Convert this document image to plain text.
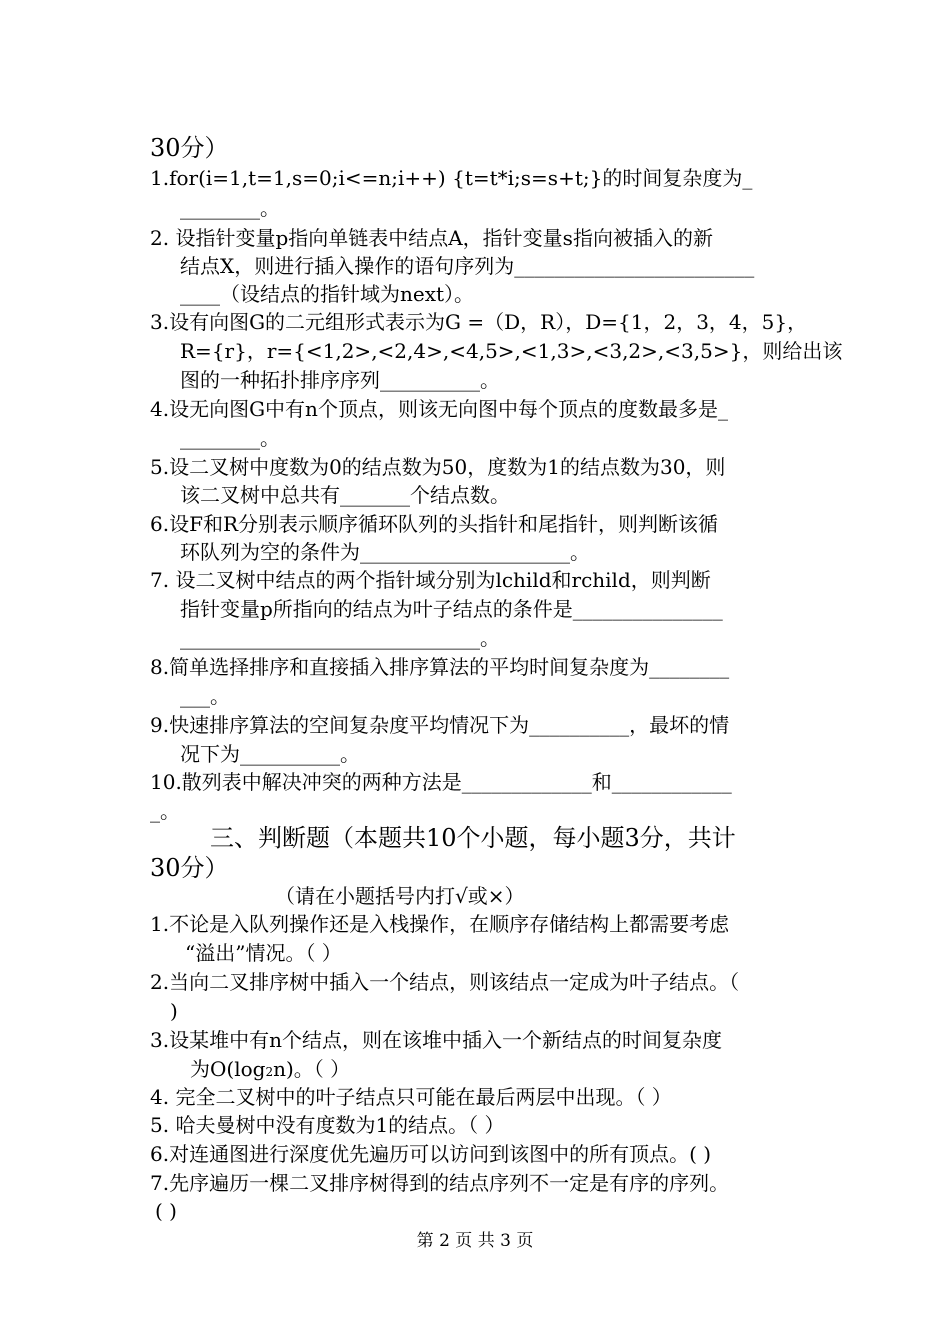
30分）
1.for(i=1,t=1,s=0;i<=n;i++) {t=t*i;s=s+t;}的时间复杂度为_
________。
2. 设指针变量p指向单链表中结点A，指针变量s指向被插入的新
结点X，则进行插入操作的语句序列为________________________
____（设结点的指针域为next）。
3.设有向图G的二元组形式表示为G =（D，R），D={1，2，3，4，5}，
R={r}，r={<1,2>,<2,4>,<4,5>,<1,3>,<3,2>,<3,5>}，则给出该
图的一种拓扑排序序列__________。
4.设无向图G中有n个顶点，则该无向图中每个顶点的度数最多是_
________。
5.设二叉树中度数为0的结点数为50，度数为1的结点数为30，则
该二叉树中总共有_______个结点数。
6.设F和R分别表示顺序循环队列的头指针和尾指针，则判断该循
环队列为空的条件为_____________________。
7. 设二叉树中结点的两个指针域分别为lchild和rchild，则判断
指针变量p所指向的结点为叶子结点的条件是_______________
______________________________。
8.简单选择排序和直接插入排序算法的平均时间复杂度为________
___。
9.快速排序算法的空间复杂度平均情况下为__________，最坏的情
况下为__________。
10.散列表中解决冲突的两种方法是_____________和____________
_。
三、判断题（本题共10个小题，每小题3分，共计
30分）
（请在小题括号内打√或×）
1.不论是入队列操作还是入栈操作，在顺序存储结构上都需要考虑
“溢出”情况。（ ）
2.当向二叉排序树中插入一个结点，则该结点一定成为叶子结点。（
)
3.设某堆中有n个结点，则在该堆中插入一个新结点的时间复杂度
为O(log2n)。（ ）
4. 完全二叉树中的叶子结点只可能在最后两层中出现。（ ）
5. 哈夫曼树中没有度数为1的结点。（ ）
6.对连通图进行深度优先遍历可以访问到该图中的所有顶点。( )
7.先序遍历一棵二叉排序树得到的结点序列不一定是有序的序列。
( )
第 2 页 共 3 页
